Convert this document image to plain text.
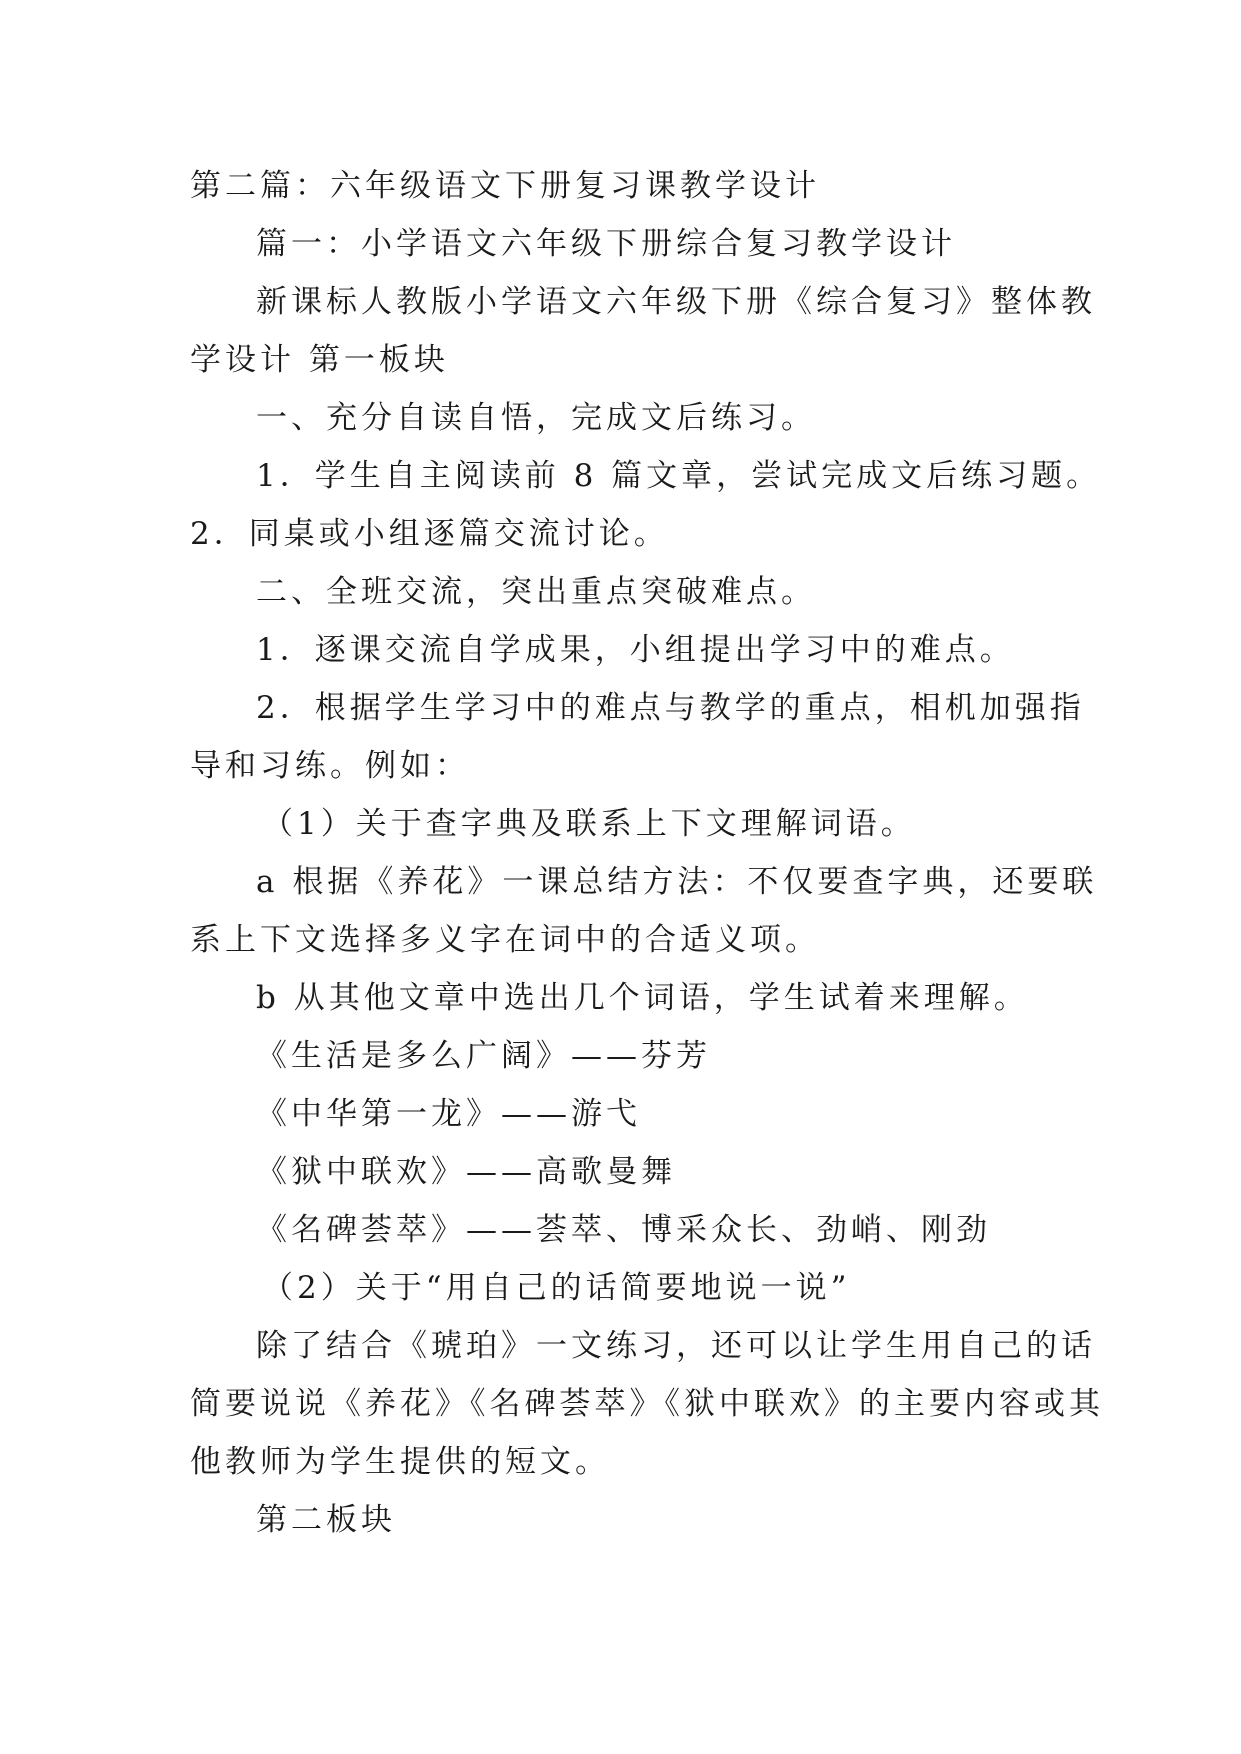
第二篇：六年级语文下册复习课教学设计
篇一：小学语文六年级下册综合复习教学设计
新课标人教版小学语文六年级下册《综合复习》整体教
学设计 第一板块
一、充分自读自悟，完成文后练习。
1．学生自主阅读前 8 篇文章，尝试完成文后练习题。
2．同桌或小组逐篇交流讨论。
二、全班交流，突出重点突破难点。
1．逐课交流自学成果，小组提出学习中的难点。
2．根据学生学习中的难点与教学的重点，相机加强指
导和习练。例如：
（1）关于查字典及联系上下文理解词语。
a 根据《养花》一课总结方法：不仅要查字典，还要联
系上下文选择多义字在词中的合适义项。
b 从其他文章中选出几个词语，学生试着来理解。
《生活是多么广阔》——芬芳
《中华第一龙》——游弋
《狱中联欢》——高歌曼舞
《名碑荟萃》——荟萃、博采众长、劲峭、刚劲
（2）关于“用自己的话简要地说一说”
除了结合《琥珀》一文练习，还可以让学生用自己的话
简要说说《养花》《名碑荟萃》《狱中联欢》的主要内容或其
他教师为学生提供的短文。
第二板块
